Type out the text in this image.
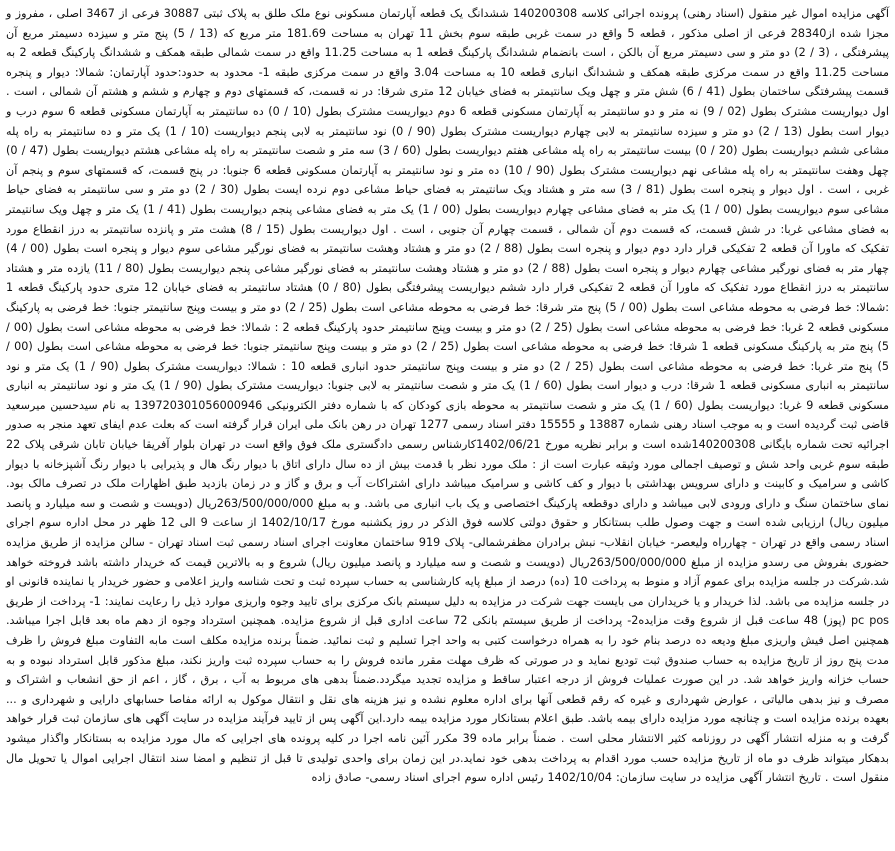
آگهی مزایده اموال غیر منقول (اسناد رهنی) پرونده اجرائی کلاسه 140200308 ششدانگ یک قطعه آپارتمان مسکونی نوع ملک طلق به پلاک ثبتی 30887 فرعی از 3467 اصلی ، مفروز و مجزا شده از28340 فرعی از اصلی مذکور ، قطعه 5 واقع در سمت غربی طبقه سوم بخش 11 تهران به مساحت 181.69 متر مربع که (13 / 5) پنج متر و سیزده دسیمتر مربع آن پیشرفتگی ، (3 / 2) دو متر و سی دسیمتر مربع آن بالکن ، است بانضمام ششدانگ پارکینگ قطعه 1 به مساحت 11.25 واقع در سمت شمالی طبقه همکف و ششدانگ پارکینگ قطعه 2 به مساحت 11.25 واقع در سمت مرکزی طبقه همکف و ششدانگ انباری قطعه 10 به مساحت 3.04 واقع در سمت مرکزی طبقه 1- محدود به حدود:حدود آپارتمان: شمالا: دیوار و پنجره قسمت پیشرفتگی ساختمان بطول (41 / 6) شش متر و چهل ویک سانتیمتر به فضای خیابان 12 متری شرقا: در نه قسمت، که قسمتهای دوم و چهارم و ششم و هشتم آن شمالی ، است . اول دیواریست مشترک بطول (02 / 9) نه متر و دو سانتیمتر به آپارتمان مسکونی قطعه 6 دوم دیواریست مشترک بطول (10 / 0) ده سانتیمتر به آپارتمان مسکونی قطعه 6 سوم درب و دیوار است بطول (13 / 2) دو متر و سیزده سانتیمتر به لابی چهارم دیواریست مشترک بطول (90 / 0) نود سانتیمتر به لابی پنجم دیواریست (10 / 1) یک متر و ده سانتیمتر به راه پله مشاعی ششم دیواریست بطول (20 / 0) بیست سانتیمتر به راه پله مشاعی هفتم دیواریست بطول (60 / 3) سه متر و شصت سانتیمتر به راه پله مشاعی هشتم دیواریست بطول (47 / 0) چهل وهفت سانتیمتر به راه پله مشاعی نهم دیواریست مشترک بطول (90 / 10) ده متر و نود سانتیمتر به آپارتمان مسکونی قطعه 6 جنوبا: در پنج قسمت، که قسمتهای سوم و پنجم آن غربی ، است . اول دیوار و پنجره است بطول (81 / 3) سه متر و هشتاد ویک سانتیمتر به فضای حیاط مشاعی دوم نرده ایست بطول (30 / 2) دو متر و سی سانتیمتر به فضای حیاط مشاعی سوم دیواریست بطول (00 / 1) یک متر به فضای مشاعی چهارم دیواریست بطول (00 / 1) یک متر به فضای مشاعی پنجم دیواریست بطول (41 / 1) یک متر و چهل ویک سانتیمتر به فضای مشاعی غربا: در شش قسمت، که قسمت دوم آن شمالی ، قسمت چهارم آن جنوبی ، است . اول دیواریست بطول (15 / 8) هشت متر و پانزده سانتیمتر به درز انقطاع مورد تفکیک که ماورا آن قطعه 2 تفکیکی قرار دارد دوم دیوار و پنجره است بطول (88 / 2) دو متر و هشتاد وهشت سانتیمتر به فضای نورگیر مشاعی سوم دیوار و پنجره است بطول (00 / 4) چهار متر به فضای نورگیر مشاعی چهارم دیوار و پنجره است بطول (88 / 2) دو متر و هشتاد وهشت سانتیمتر به فضای نورگیر مشاعی پنجم دیواریست بطول (80 / 11) یازده متر و هشتاد سانتیمتر به درز انقطاع مورد تفکیک که ماورا آن قطعه 2 تفکیکی قرار دارد ششم دیواریست پیشرفتگی بطول (80 / 0) هشتاد سانتیمتر به فضای خیابان 12 متری حدود پارکینگ قطعه 1 :شمالا: خط فرضی به محوطه مشاعی است بطول (00 / 5) پنج متر شرقا: خط فرضی به محوطه مشاعی است بطول (25 / 2) دو متر و بیست وپنج سانتیمتر جنوبا: خط فرضی به پارکینگ مسکونی قطعه 2 غربا: خط فرضی به محوطه مشاعی است بطول (25 / 2) دو متر و بیست وپنج سانتیمتر حدود پارکینگ قطعه 2 : شمالا: خط فرضی به محوطه مشاعی است بطول (00 / 5) پنج متر به پارکینگ مسکونی قطعه 1 شرقا: خط فرضی به محوطه مشاعی است بطول (25 / 2) دو متر و بیست وپنج سانتیمتر جنوبا: خط فرضی به محوطه مشاعی است بطول (00 / 5) پنج متر غربا: خط فرضی به محوطه مشاعی است بطول (25 / 2) دو متر و بیست وپنج سانتیمتر حدود انباری قطعه 10 : شمالا: دیواریست مشترک بطول (90 / 1) یک متر و نود سانتیمتر به انباری مسکونی قطعه 1 شرقا: درب و دیوار است بطول (60 / 1) یک متر و شصت سانتیمتر به لابی جنوبا: دیواریست مشترک بطول (90 / 1) یک متر و نود سانتیمتر به انباری مسکونی قطعه 9 غربا: دیواریست بطول (60 / 1) یک متر و شصت سانتیمتر به محوطه بازی کودکان که با شماره دفتر الکترونیکی 139720301056000946 به نام سیدحسین میرسعید قاضی ثبت گردیده است و به موجب اسناد رهنی شماره 13887 و 15555 دفتر اسناد رسمی 1277 تهران در رهن بانک ملی ایران قرار گرفته است که بعلت عدم ایفای تعهد منجر به صدور اجرائیه تحت شماره بایگانی 140200308شده است و برابر نظریه مورخ 1402/06/21کارشناس رسمی دادگستری ملک فوق واقع است در تهران بلوار آفریقا خیابان تابان شرقی پلاک 22 طبقه سوم غربی واحد شش و توصیف اجمالی مورد وثیقه عبارت است از : ملک مورد نظر با قدمت بیش از ده سال دارای اتاق با دیوار رنگ هال و پذیرایی با دیوار رنگ آشپزخانه با دیوار کاشی و سرامیک و کابینت و دارای سرویس بهداشتی با دیوار و کف کاشی و سرامیک میباشد دارای اشتراکات آب و برق و گاز و در زمان بازدید طبق اظهارات ملک در تصرف مالک بود. نمای ساختمان سنگ و دارای ورودی لابی میباشد و دارای دوقطعه پارکینگ اختصاصی و یک باب انباری می باشد. و به مبلغ 263/500/000/000ریال (دویست و شصت و سه میلیارد و پانصد میلیون ریال) ارزیابی شده است و جهت وصول طلب بستانکار و حقوق دولتی کلاسه فوق الذکر در روز یکشنبه مورخ 1402/10/17 از ساعت 9 الی 12 ظهر در محل اداره سوم اجرای اسناد رسمی واقع در تهران - چهارراه ولیعصر- خیابان انقلاب- نبش برادران مظفرشمالی- پلاک 919 ساختمان معاونت اجرای اسناد رسمی ثبت اسناد تهران - سالن مزایده از طریق مزایده حضوری بفروش می رسدو مزایده از مبلغ 263/500/000/000ریال (دویست و شصت و سه میلیارد و پانصد میلیون ریال) شروع و به بالاترین قیمت که خریدار داشته باشد فروخته خواهد شد.شرکت در جلسه مزایده برای عموم آزاد و منوط به پرداخت 10 (ده) درصد از مبلغ پایه کارشناسی به حساب سپرده ثبت و تحت شناسه واریز اعلامی و حضور خریدار یا نماینده قانونی او در جلسه مزایده می باشد. لذا خریدار و یا خریداران می بایست جهت شرکت در مزایده به دلیل سیستم بانک مرکزی برای تایید وجوه واریزی موارد ذیل را رعایت نمایند: 1- پرداخت از طریق pc pos (پوز) 48 ساعت قبل از شروع وقت مزایده2- پرداخت از طریق سیستم بانکی 72 ساعت اداری قبل از شروع مزایده. همچنین استرداد وجوه از دهم ماه بعد قابل اجرا میباشد. همچنین اصل فیش واریزی مبلغ ودیعه ده درصد بنام خود را به همراه درخواست کتبی به واحد اجرا تسلیم و ثبت نمائید. ضمناً برنده مزایده مکلف است مابه التفاوت مبلغ فروش را ظرف مدت پنج روز از تاریخ مزایده به حساب صندوق ثبت تودیع نماید و در صورتی که ظرف مهلت مقرر مانده فروش را به حساب سپرده ثبت واریز نکند، مبلغ مذکور قابل استرداد نبوده و به حساب خزانه واریز خواهد شد. در این صورت عملیات فروش از درجه اعتبار ساقط و مزایده تجدید میگردد.ضمناً بدهی های مربوط به آب ، برق ، گاز ، اعم از حق انشعاب و اشتراک و مصرف و نیز بدهی مالیاتی ، عوارض شهرداری و غیره که رقم قطعی آنها برای اداره معلوم نشده و نیز هزینه های نقل و انتقال موکول به ارائه مفاصا حسابهای دارایی و شهرداری و ... بعهده برنده مزایده است و چنانچه مورد مزایده دارای بیمه باشد. طبق اعلام بستانکار مورد مزایده بیمه دارد.این آگهی پس از تایید فرآیند مزایده در سایت آگهی های سازمان ثبت قرار خواهد گرفت و به منزله انتشار آگهی در روزنامه کثیر الانتشار محلی است . ضمناً برابر ماده 39 مکرر آئین نامه اجرا در کلیه پرونده های اجرایی که مال مورد مزایده به بستانکار واگذار میشود بدهکار میتواند ظرف دو ماه از تاریخ مزایده حسب مورد اقدام به پرداخت بدهی خود نماید.در این زمان برای واحدی تولیدی تا قبل از تنظیم و امضا سند انتقال اجرایی اموال یا تحویل مال منقول است . تاریخ انتشار آگهی مزایده در سایت سازمان: 1402/10/04 رئیس اداره سوم اجرای اسناد رسمی- صادق زاده
